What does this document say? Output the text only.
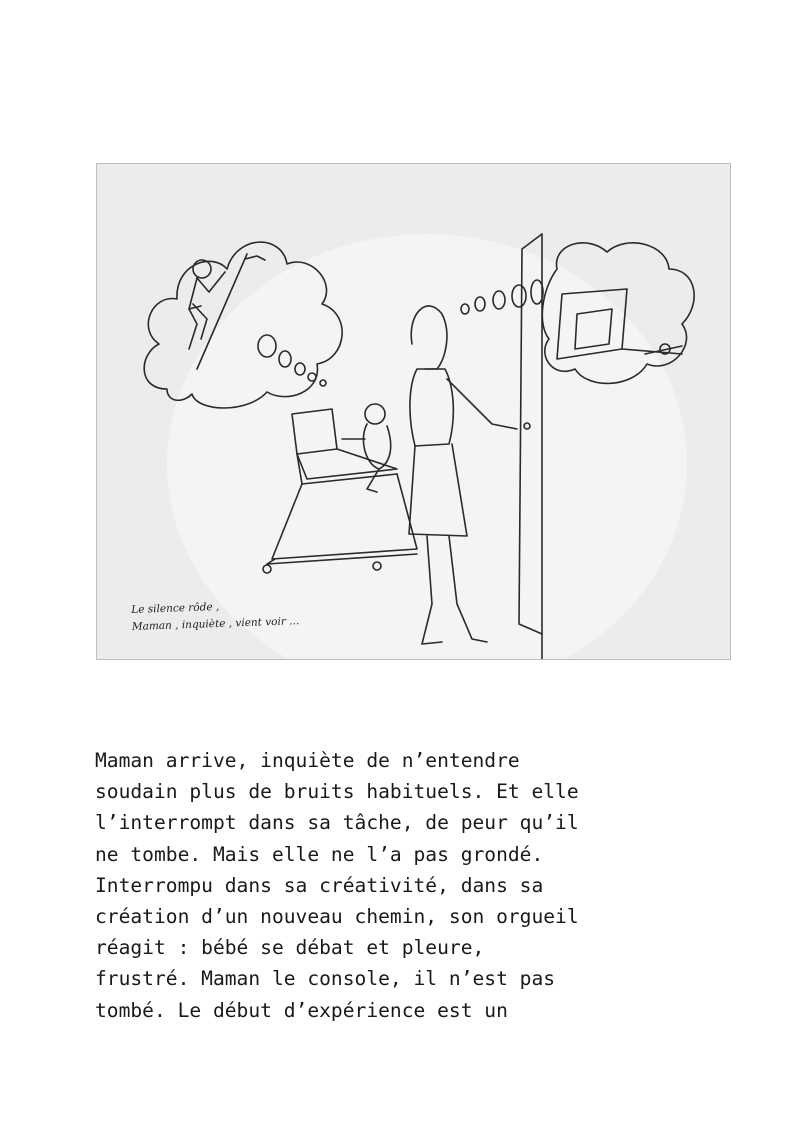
Le silence rôde ,
Maman , inquiète , vient voir ...
Maman arrive, inquiète de n’entendre
soudain plus de bruits habituels. Et elle
l’interrompt dans sa tâche, de peur qu’il
ne tombe. Mais elle ne l’a pas grondé.
Interrompu dans sa créativité, dans sa
création d’un nouveau chemin, son orgueil
réagit : bébé se débat et pleure,
frustré. Maman le console, il n’est pas
tombé. Le début d’expérience est un
